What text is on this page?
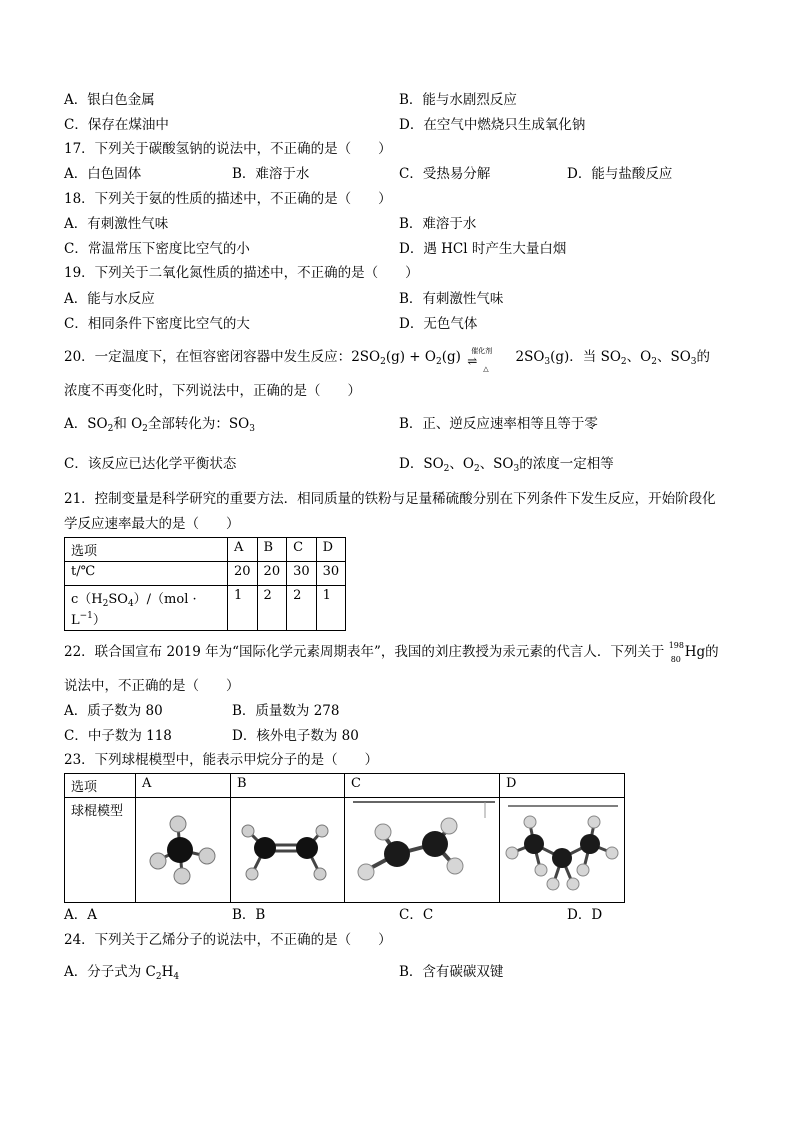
A．银白色金属	B．能与水剧烈反应
C．保存在煤油中	D．在空气中燃烧只生成氧化钠
17．下列关于碳酸氢钠的说法中，不正确的是（　　）
A．白色固体	B．难溶于水	C．受热易分解	D．能与盐酸反应
18．下列关于氨的性质的描述中，不正确的是（　　）
A．有刺激性气味	B．难溶于水
C．常温常压下密度比空气的小	D．遇 HCl 时产生大量白烟
19．下列关于二氧化氮性质的描述中，不正确的是（　　）
A．能与水反应	B．有刺激性气味
C．相同条件下密度比空气的大	D．无色气体
20．一定温度下，在恒容密闭容器中发生反应：$2SO_2(g) + O_2(g)$ 催化剂
⇌
△
$2SO_3(g)$．当 $SO_2$、$O_2$、$SO_3$的
浓度不再变化时，下列说法中，正确的是（　　）
A．$SO_2$和 $O_2$全部转化为：$SO_3$	B．正、逆反应速率相等且等于零
C．该反应已达化学平衡状态	D．$SO_2$、$O_2$、$SO_3$的浓度一定相等
21．控制变量是科学研究的重要方法．相同质量的铁粉与足量稀硫酸分别在下列条件下发生反应，开始阶段化
学反应速率最大的是（　　）
选项	A	B	C	D
t/℃	20	20	30	30
$c(H_2SO_4)/(mol \cdot L^{-1})$	1	2	2	1
22．联合国宣布 2019 年为“国际化学元素周期表年”，我国的刘庄教授为汞元素的代言人．下列关于 198
80 Hg的
说法中，不正确的是（　　）
A．质子数为 80	B．质量数为 278
C．中子数为 118	D．核外电子数为 80
23．下列球棍模型中，能表示甲烷分子的是（　　）
选项	A	B	C	D
球棍模型	

A．A	B．B	C．C	D．D
24．下列关于乙烯分子的说法中，不正确的是（　　）
A．分子式为 $C_2H_4$	B．含有碳碳双键
